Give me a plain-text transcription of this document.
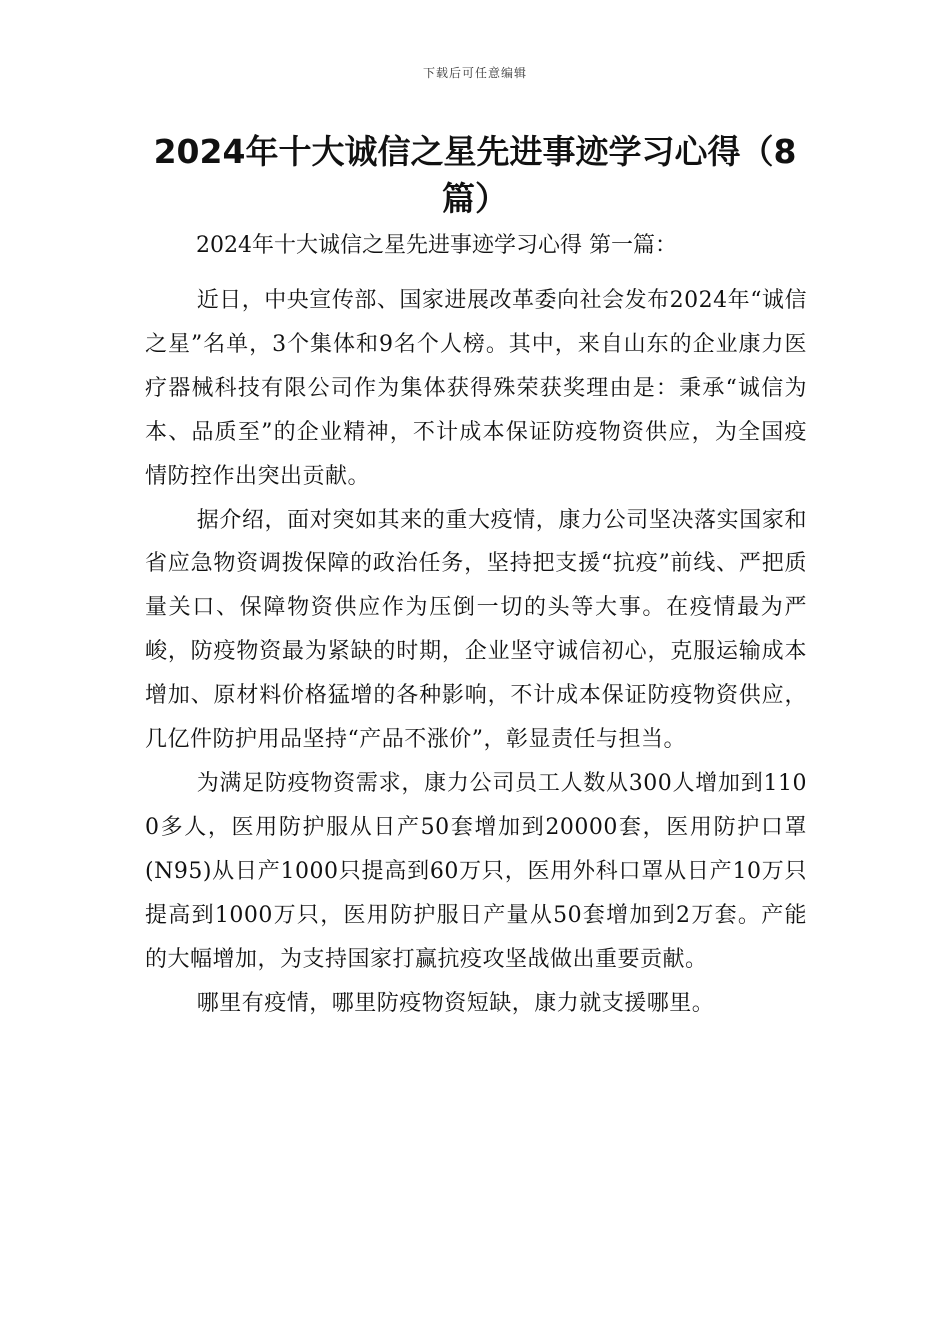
下载后可任意编辑
2024年十大诚信之星先进事迹学习心得（8篇）
2024年十大诚信之星先进事迹学习心得 第一篇：

近日，中央宣传部、国家进展改革委向社会发布2024年“诚信之星”名单，3个集体和9名个人榜。其中，来自山东的企业康力医疗器械科技有限公司作为集体获得殊荣获奖理由是：秉承“诚信为本、品质至”的企业精神，不计成本保证防疫物资供应，为全国疫情防控作出突出贡献。

据介绍，面对突如其来的重大疫情，康力公司坚决落实国家和省应急物资调拨保障的政治任务，坚持把支援“抗疫”前线、严把质量关口、保障物资供应作为压倒一切的头等大事。在疫情最为严峻，防疫物资最为紧缺的时期，企业坚守诚信初心，克服运输成本增加、原材料价格猛增的各种影响，不计成本保证防疫物资供应，几亿件防护用品坚持“产品不涨价”，彰显责任与担当。

为满足防疫物资需求，康力公司员工人数从300人增加到1100多人，医用防护服从日产50套增加到20000套，医用防护口罩(N95)从日产1000只提高到60万只，医用外科口罩从日产10万只提高到1000万只，医用防护服日产量从50套增加到2万套。产能的大幅增加，为支持国家打赢抗疫攻坚战做出重要贡献。

哪里有疫情，哪里防疫物资短缺，康力就支援哪里。
